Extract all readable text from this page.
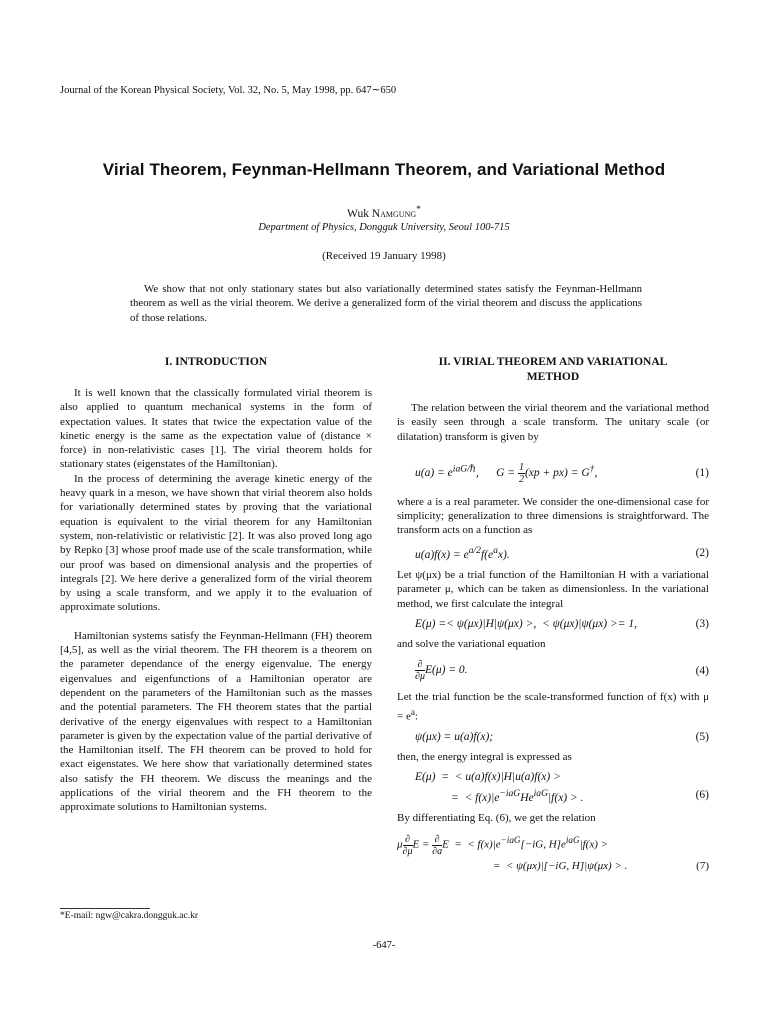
Journal of the Korean Physical Society, Vol. 32, No. 5, May 1998, pp. 647∼650
Virial Theorem, Feynman-Hellmann Theorem, and Variational Method
Wuk Namgung*
Department of Physics, Dongguk University, Seoul 100-715
(Received 19 January 1998)
We show that not only stationary states but also variationally determined states satisfy the Feynman-Hellmann theorem as well as the virial theorem. We derive a generalized form of the virial theorem and discuss the applications of those relations.
I. INTRODUCTION

It is well known that the classically formulated virial theorem is also applied to quantum mechanical systems in the form of expectation values. It states that twice the expectation value of the kinetic energy is the same as the expectation value of (distance × force) in non-relativistic cases [1]. The virial theorem holds for stationary states (eigenstates of the Hamiltonian).

In the process of determining the average kinetic energy of the heavy quark in a meson, we have shown that virial theorem also holds for variationally determined states by proving that the variational equation is equivalent to the virial theorem for any Hamiltonian system, non-relativistic or relativistic [2]. It was also proved long ago by Repko [3] whose proof made use of the scale transformation, while our proof was based on dimensional analysis and the properties of integrals [2]. We here derive a generalized form of the virial theorem by using a scale transform, and we apply it to the evaluation of approximate solutions.

Hamiltonian systems satisfy the Feynman-Hellmann (FH) theorem [4,5], as well as the virial theorem. The FH theorem is a theorem on the parameter dependance of the energy eigenvalue. The energy eigenvalues and eigenfunctions of a Hamiltonian operator are dependent on the parameters of the Hamiltonian such as the masses and the potential parameters. The FH theorem states that the partial derivative of the energy eigenvalues with respect to a Hamiltonian parameter is given by the expectation value of the partial derivative of the Hamiltonian itself. The FH theorem can be proved to hold for exact eigenstates. We here show that variationally determined states also satisfy the FH theorem. We discuss the meanings and the applications of the virial theorem and the FH theorem to the approximate solutions to Hamiltonian systems.

II. VIRIAL THEOREM AND VARIATIONAL
METHOD

The relation between the virial theorem and the variational method is easily seen through a scale transform. The unitary scale (or dilatation) transform is given by

$u(a) = e^{iaG/\hbar}$,      $G = \frac{1}{2} (xp + px) = G^\dagger$,	(1)

where a is a real parameter. We consider the one-dimensional case for simplicity; generalization to three dimensions is straightforward. The transform acts on a function as

$u(a)f(x) = e^{a/2}f(e^ax)$.	(2)

Let ψ(μx) be a trial function of the Hamiltonian H with a variational parameter μ, which can be taken as dimensionless. In the variational method, we first calculate the integral

E(μ) =< ψ(μx)|H|ψ(μx) >,  < ψ(μx)|ψ(μx) >= 1,	(3)

and solve the variational equation

$\frac{\partial}{\partial\mu} E(\mu) = 0$.	(4)

Let the trial function be the scale-transformed function of f(x) with $\mu = e^a$:

ψ(μx) = u(a)f(x);	(5)

then, the energy integral is expressed as

E(μ)  =  < u(a)f(x)|H|u(a)f(x) >
=  < $f(x)|e^{-iaG}He^{iaG}|f(x)$ > .	(6)

By differentiating Eq. (6), we get the relation

μ $\frac{\partial}{\partial\mu}$ $E = \frac{\partial}{\partial a}$ E  =  < $f(x)|e^{-iaG}[-iG$, $H]e^{iaG}|f(x)$ >
=  < ψ(μx)|[−iG, H]|ψ(μx) > .	(7)
*E-mail: ngw@cakra.dongguk.ac.kr
-647-
